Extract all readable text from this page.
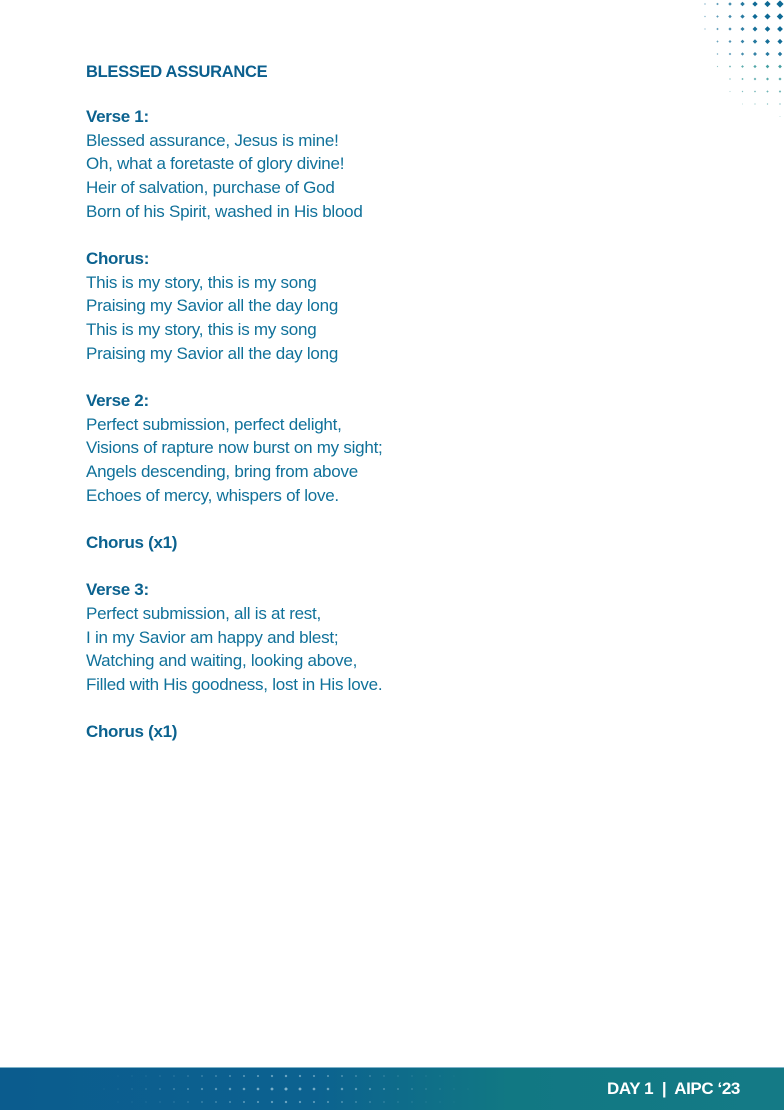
BLESSED ASSURANCE
Verse 1:
Blessed assurance, Jesus is mine!
Oh, what a foretaste of glory divine!
Heir of salvation, purchase of God
Born of his Spirit, washed in His blood
Chorus:
This is my story, this is my song
Praising my Savior all the day long
This is my story, this is my song
Praising my Savior all the day long
Verse 2:
Perfect submission, perfect delight,
Visions of rapture now burst on my sight;
Angels descending, bring from above
Echoes of mercy, whispers of love.
Chorus (x1)
Verse 3:
Perfect submission, all is at rest,
I in my Savior am happy and blest;
Watching and waiting, looking above,
Filled with His goodness, lost in His love.
Chorus (x1)
DAY 1  |  AIPC ‘23
